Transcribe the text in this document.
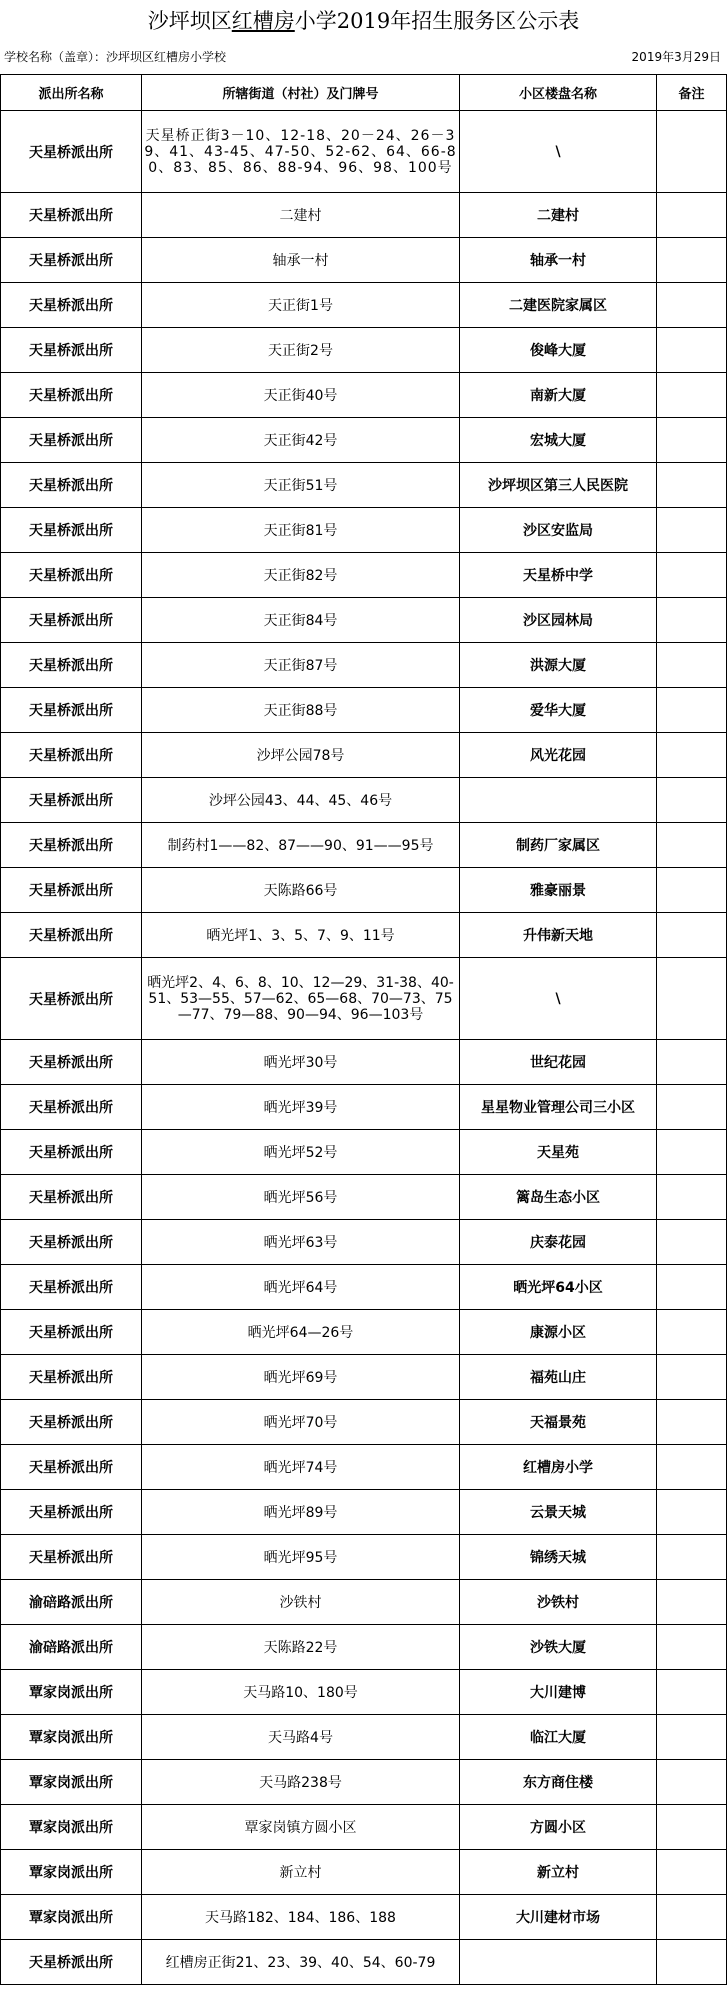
沙坪坝区红槽房小学2019年招生服务区公示表
学校名称（盖章）：沙坪坝区红槽房小学校	2019年3月29日
派出所名称	所辖街道（村社）及门牌号	小区楼盘名称	备注
天星桥派出所	天星桥正街3－10、12-18、20－24、26－39、41、43-45、47-50、52-62、64、66-80、83、85、86、88-94、96、98、100号	\	
天星桥派出所	二建村	二建村	
天星桥派出所	轴承一村	轴承一村	
天星桥派出所	天正街1号	二建医院家属区	
天星桥派出所	天正街2号	俊峰大厦	
天星桥派出所	天正街40号	南新大厦	
天星桥派出所	天正街42号	宏城大厦	
天星桥派出所	天正街51号	沙坪坝区第三人民医院	
天星桥派出所	天正街81号	沙区安监局	
天星桥派出所	天正街82号	天星桥中学	
天星桥派出所	天正街84号	沙区园林局	
天星桥派出所	天正街87号	洪源大厦	
天星桥派出所	天正街88号	爱华大厦	
天星桥派出所	沙坪公园78号	风光花园	
天星桥派出所	沙坪公园43、44、45、46号		
天星桥派出所	制药村1——82、87——90、91——95号	制药厂家属区	
天星桥派出所	天陈路66号	雅豪丽景	
天星桥派出所	晒光坪1、3、5、7、9、11号	升伟新天地	
天星桥派出所	晒光坪2、4、6、8、10、12—29、31-38、40-51、53—55、57—62、65—68、70—73、75—77、79—88、90—94、96—103号	\	
天星桥派出所	晒光坪30号	世纪花园	
天星桥派出所	晒光坪39号	星星物业管理公司三小区	
天星桥派出所	晒光坪52号	天星苑	
天星桥派出所	晒光坪56号	篱岛生态小区	
天星桥派出所	晒光坪63号	庆泰花园	
天星桥派出所	晒光坪64号	晒光坪64小区	
天星桥派出所	晒光坪64—26号	康源小区	
天星桥派出所	晒光坪69号	福苑山庄	
天星桥派出所	晒光坪70号	天福景苑	
天星桥派出所	晒光坪74号	红槽房小学	
天星桥派出所	晒光坪89号	云景天城	
天星桥派出所	晒光坪95号	锦绣天城	
渝碚路派出所	沙铁村	沙铁村	
渝碚路派出所	天陈路22号	沙铁大厦	
覃家岗派出所	天马路10、180号	大川建博	
覃家岗派出所	天马路4号	临江大厦	
覃家岗派出所	天马路238号	东方商住楼	
覃家岗派出所	覃家岗镇方圆小区	方圆小区	
覃家岗派出所	新立村	新立村	
覃家岗派出所	天马路182、184、186、188	大川建材市场	
天星桥派出所	红槽房正街21、23、39、40、54、60-79		
